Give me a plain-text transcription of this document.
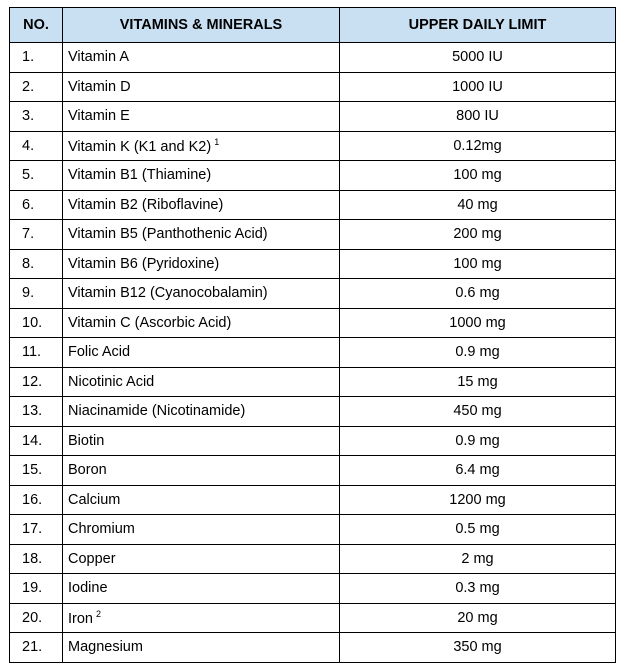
NO.	VITAMINS & MINERALS	UPPER DAILY LIMIT
1.	Vitamin A	5000 IU
2.	Vitamin D	1000 IU
3.	Vitamin E	800 IU
4.	Vitamin K (K1 and K2) $^1$	0.12mg
5.	Vitamin B1 (Thiamine)	100 mg
6.	Vitamin B2 (Riboflavine)	40 mg
7.	Vitamin B5 (Panthothenic Acid)	200 mg
8.	Vitamin B6 (Pyridoxine)	100 mg
9.	Vitamin B12 (Cyanocobalamin)	0.6 mg
10.	Vitamin C (Ascorbic Acid)	1000 mg
11.	Folic Acid	0.9 mg
12.	Nicotinic Acid	15 mg
13.	Niacinamide (Nicotinamide)	450 mg
14.	Biotin	0.9 mg
15.	Boron	6.4 mg
16.	Calcium	1200 mg
17.	Chromium	0.5 mg
18.	Copper	2 mg
19.	Iodine	0.3 mg
20.	Iron $^2$	20 mg
21.	Magnesium	350 mg
